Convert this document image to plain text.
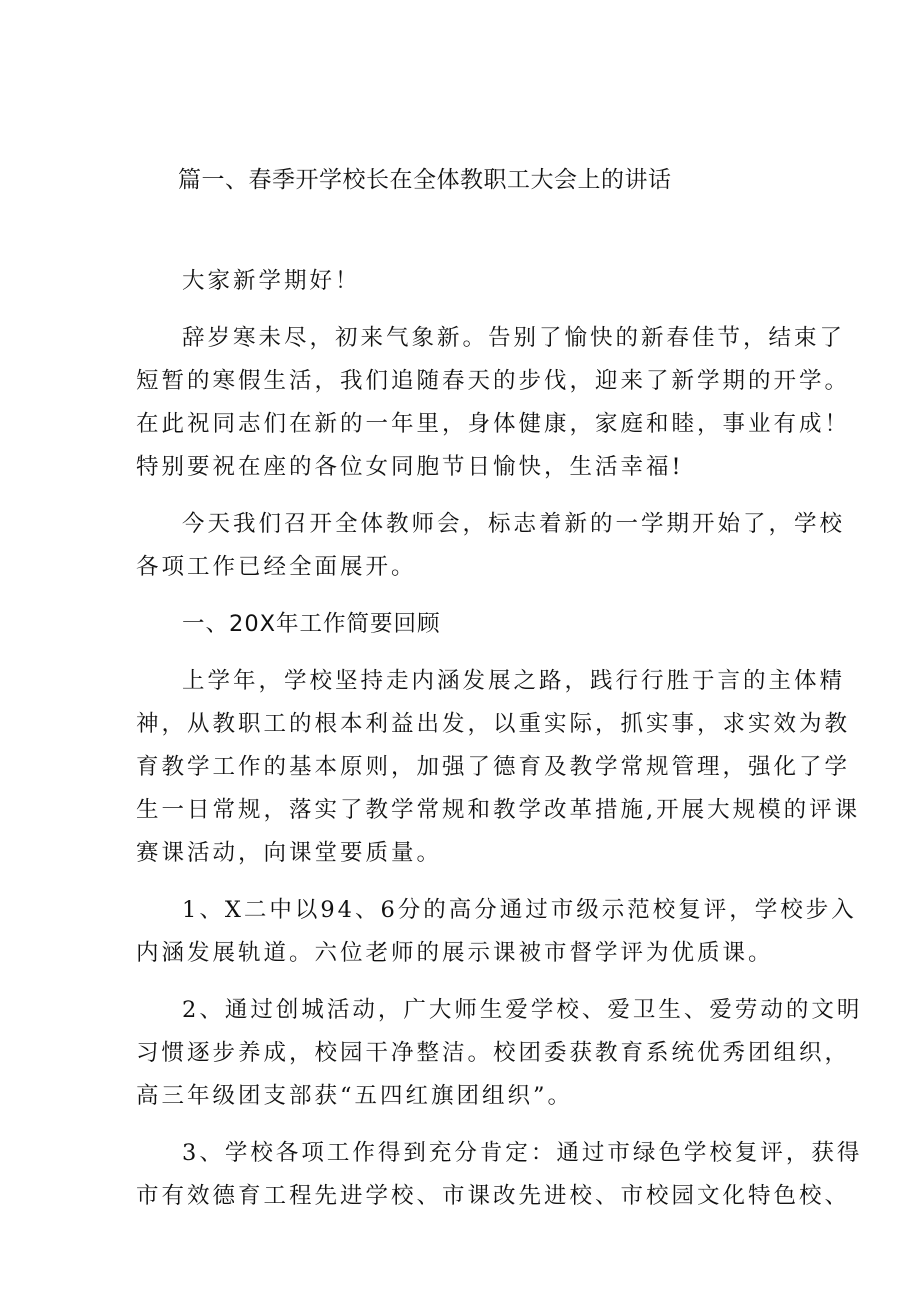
篇一、春季开学校长在全体教职工大会上的讲话

大家新学期好！

辞岁寒未尽，初来气象新。告别了愉快的新春佳节，结束了
短暂的寒假生活，我们追随春天的步伐，迎来了新学期的开学。
在此祝同志们在新的一年里，身体健康，家庭和睦，事业有成！
特别要祝在座的各位女同胞节日愉快，生活幸福!

今天我们召开全体教师会，标志着新的一学期开始了，学校
各项工作已经全面展开。

一、20X年工作简要回顾

上学年，学校坚持走内涵发展之路，践行行胜于言的主体精
神，从教职工的根本利益出发，以重实际，抓实事，求实效为教
育教学工作的基本原则，加强了德育及教学常规管理，强化了学
生一日常规，落实了教学常规和教学改革措施,开展大规模的评课
赛课活动，向课堂要质量。

1、X二中以94、6分的高分通过市级示范校复评，学校步入
内涵发展轨道。六位老师的展示课被市督学评为优质课。

2、通过创城活动，广大师生爱学校、爱卫生、爱劳动的文明
习惯逐步养成，校园干净整洁。校团委获教育系统优秀团组织，
高三年级团支部获“五四红旗团组织”。

3、学校各项工作得到充分肯定：通过市绿色学校复评，获得
市有效德育工程先进学校、市课改先进校、市校园文化特色校、
